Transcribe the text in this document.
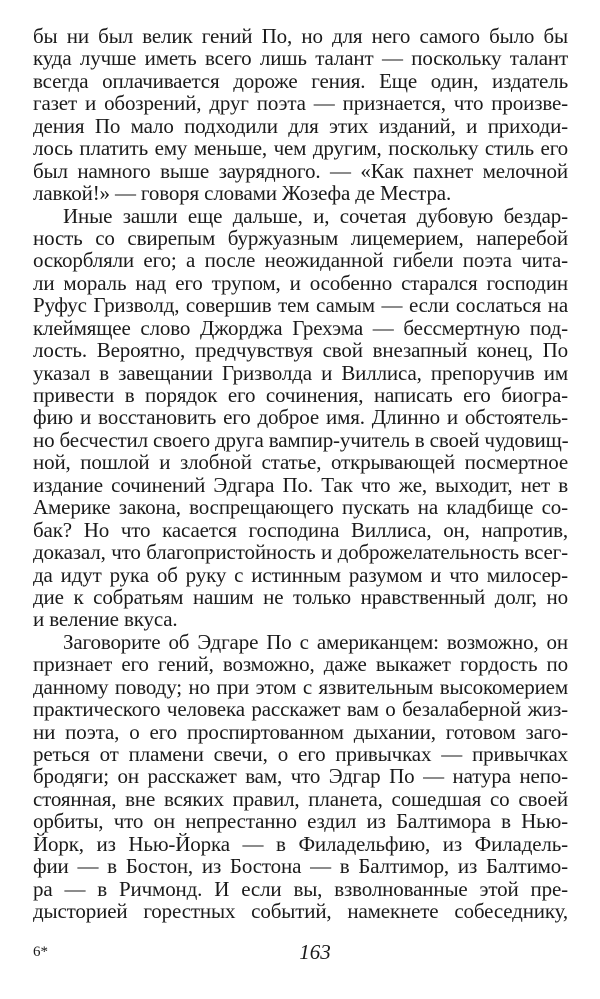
бы ни был велик гений По, но для него самого было бы
куда лучше иметь всего лишь талант — поскольку талант
всегда оплачивается дороже гения. Еще один, издатель
газет и обозрений, друг поэта — признается, что произве-
дения По мало подходили для этих изданий, и приходи-
лось платить ему меньше, чем другим, поскольку стиль его
был намного выше заурядного. — «Как пахнет мелочной
лавкой!» — говоря словами Жозефа де Местра.
Иные зашли еще дальше, и, сочетая дубовую бездар-
ность со свирепым буржуазным лицемерием, наперебой
оскорбляли его; а после неожиданной гибели поэта чита-
ли мораль над его трупом, и особенно старался господин
Руфус Гризволд, совершив тем самым — если сослаться на
клеймящее слово Джорджа Грехэма — бессмертную под-
лость. Вероятно, предчувствуя свой внезапный конец, По
указал в завещании Гризволда и Виллиса, препоручив им
привести в порядок его сочинения, написать его биогра-
фию и восстановить его доброе имя. Длинно и обстоятель-
но бесчестил своего друга вампир-учитель в своей чудовищ-
ной, пошлой и злобной статье, открывающей посмертное
издание сочинений Эдгара По. Так что же, выходит, нет в
Америке закона, воспрещающего пускать на кладбище со-
бак? Но что касается господина Виллиса, он, напротив,
доказал, что благопристойность и доброжелательность всег-
да идут рука об руку с истинным разумом и что милосер-
дие к собратьям нашим не только нравственный долг, но
и веление вкуса.
Заговорите об Эдгаре По с американцем: возможно, он
признает его гений, возможно, даже выкажет гордость по
данному поводу; но при этом с язвительным высокомерием
практического человека расскажет вам о безалаберной жиз-
ни поэта, о его проспиртованном дыхании, готовом заго-
реться от пламени свечи, о его привычках — привычках
бродяги; он расскажет вам, что Эдгар По — натура непо-
стоянная, вне всяких правил, планета, сошедшая со своей
орбиты, что он непрестанно ездил из Балтимора в Нью-
Йорк, из Нью-Йорка — в Филадельфию, из Филадель-
фии — в Бостон, из Бостона — в Балтимор, из Балтимо-
ра — в Ричмонд. И если вы, взволнованные этой пре-
дысторией горестных событий, намекнете собеседнику,
6*	163
